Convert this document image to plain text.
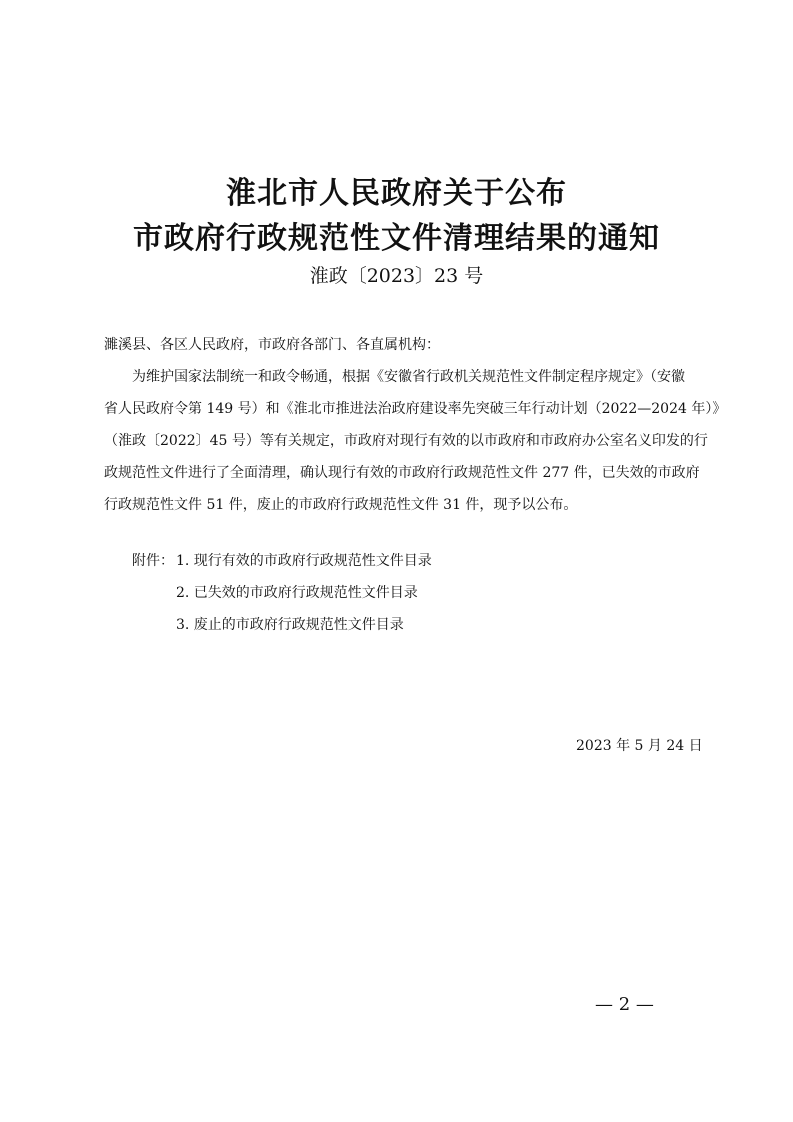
淮北市人民政府关于公布
市政府行政规范性文件清理结果的通知
淮政〔2023〕23 号
濉溪县、各区人民政府，市政府各部门、各直属机构：
为维护国家法制统一和政令畅通，根据《安徽省行政机关规范性文件制定程序规定》（安徽
省人民政府令第 149 号）和《淮北市推进法治政府建设率先突破三年行动计划（2022—2024 年）》
（淮政〔2022〕45 号）等有关规定，市政府对现行有效的以市政府和市政府办公室名义印发的行
政规范性文件进行了全面清理，确认现行有效的市政府行政规范性文件 277 件，已失效的市政府
行政规范性文件 51 件，废止的市政府行政规范性文件 31 件，现予以公布。
附件： 1. 现行有效的市政府行政规范性文件目录
2. 已失效的市政府行政规范性文件目录
3. 废止的市政府行政规范性文件目录
2023 年 5 月 24 日
— 2 —
